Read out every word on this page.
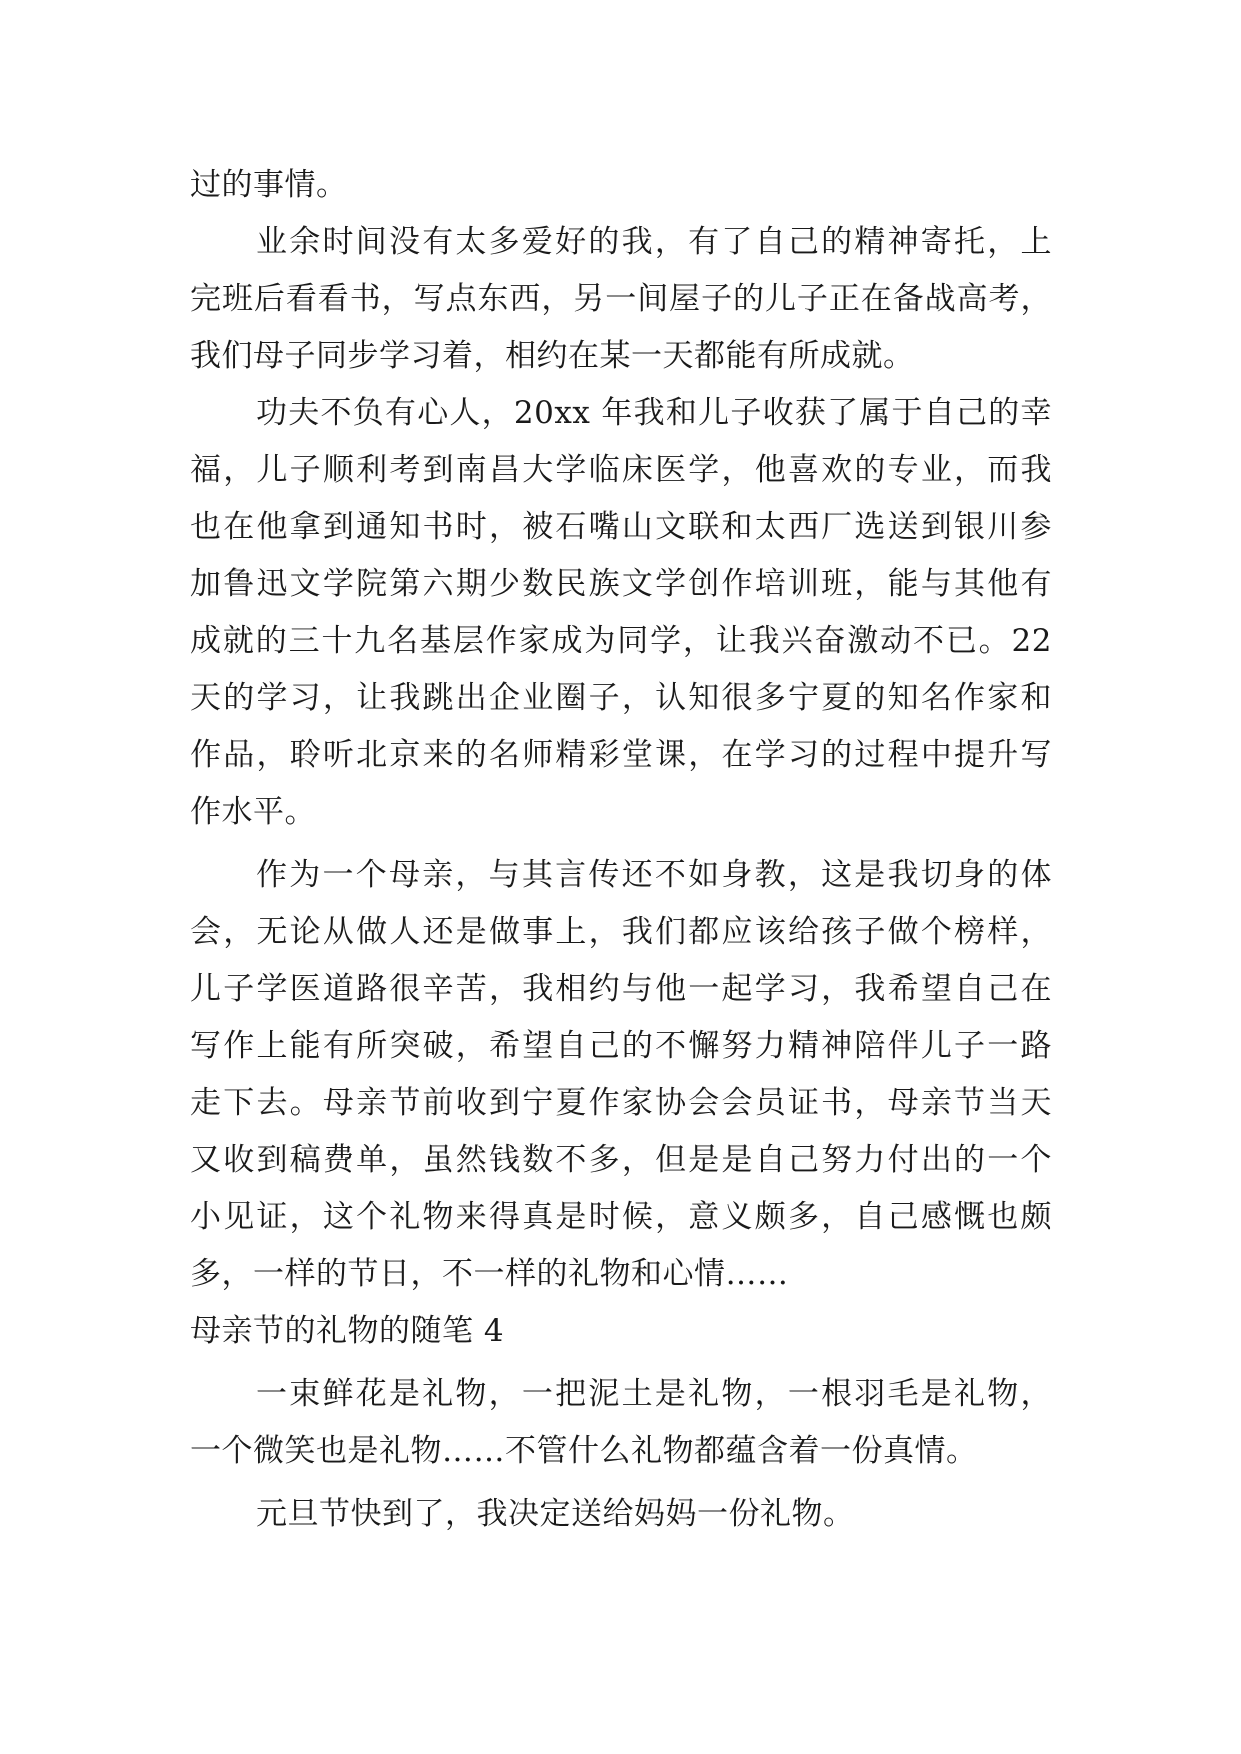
过的事情。
业余时间没有太多爱好的我，有了自己的精神寄托，上
完班后看看书，写点东西，另一间屋子的儿子正在备战高考，
我们母子同步学习着，相约在某一天都能有所成就。
功夫不负有心人，20xx 年我和儿子收获了属于自己的幸
福，儿子顺利考到南昌大学临床医学，他喜欢的专业，而我
也在他拿到通知书时，被石嘴山文联和太西厂选送到银川参
加鲁迅文学院第六期少数民族文学创作培训班，能与其他有
成就的三十九名基层作家成为同学，让我兴奋激动不已。22
天的学习，让我跳出企业圈子，认知很多宁夏的知名作家和
作品，聆听北京来的名师精彩堂课，在学习的过程中提升写
作水平。
作为一个母亲，与其言传还不如身教，这是我切身的体
会，无论从做人还是做事上，我们都应该给孩子做个榜样，
儿子学医道路很辛苦，我相约与他一起学习，我希望自己在
写作上能有所突破，希望自己的不懈努力精神陪伴儿子一路
走下去。母亲节前收到宁夏作家协会会员证书，母亲节当天
又收到稿费单，虽然钱数不多，但是是自己努力付出的一个
小见证，这个礼物来得真是时候，意义颇多，自己感慨也颇
多，一样的节日，不一样的礼物和心情……
母亲节的礼物的随笔 4
一束鲜花是礼物，一把泥土是礼物，一根羽毛是礼物，
一个微笑也是礼物……不管什么礼物都蕴含着一份真情。
元旦节快到了，我决定送给妈妈一份礼物。
